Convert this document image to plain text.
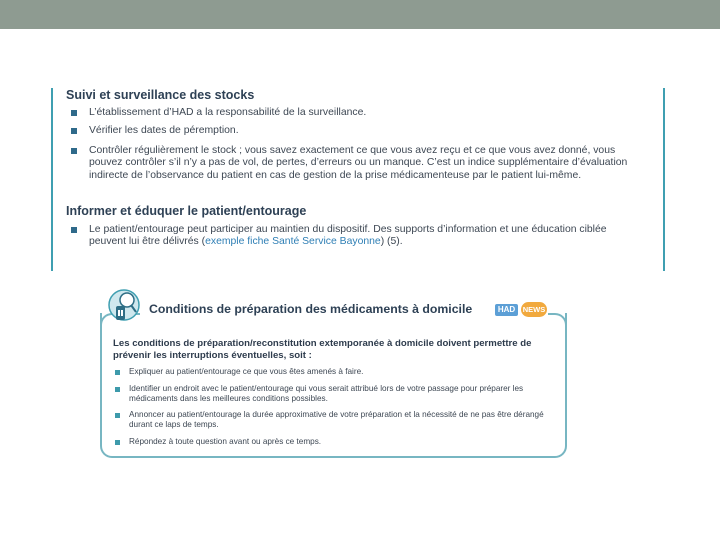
Suivi et surveillance des stocks
L’établissement d’HAD a la responsabilité de la surveillance.
Vérifier les dates de péremption.
Contrôler régulièrement le stock ; vous savez exactement ce que vous avez reçu et ce que vous avez donné, vous
pouvez contrôler s’il n’y a pas de vol, de pertes, d’erreurs ou un manque. C’est un indice supplémentaire d’évaluation
indirecte de l’observance du patient en cas de gestion de la prise médicamenteuse par le patient lui-même.
Informer et éduquer le patient/entourage
Le patient/entourage peut participer au maintien du dispositif. Des supports d’information et une éducation ciblée
peuvent lui être délivrés (exemple fiche Santé Service Bayonne) (5).
Conditions de préparation des médicaments à domicile	HAD	NEWS
Les conditions de préparation/reconstitution extemporanée à domicile doivent permettre de prévenir les interruptions éventuelles, soit :
Expliquer au patient/entourage ce que vous êtes amenés à faire.
Identifier un endroit avec le patient/entourage qui vous serait attribué lors de votre passage pour préparer les
médicaments dans les meilleures conditions possibles.
Annoncer au patient/entourage la durée approximative de votre préparation et la nécessité de ne pas être dérangé
durant ce laps de temps.
Répondez à toute question avant ou après ce temps.
